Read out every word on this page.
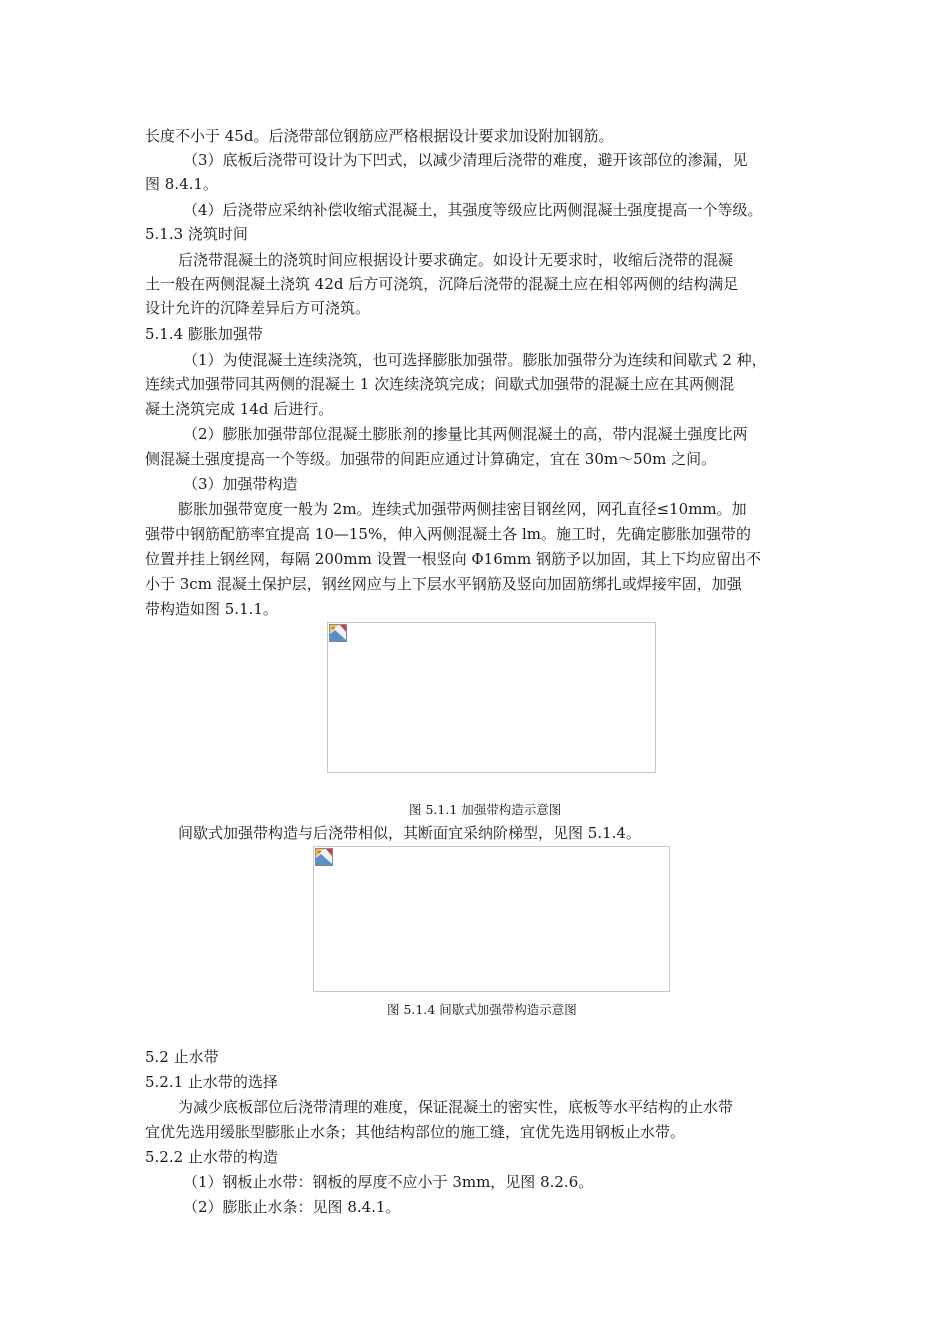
长度不小于 45d。后浇带部位钢筋应严格根据设计要求加设附加钢筋。
（3）底板后浇带可设计为下凹式，以减少清理后浇带的难度，避开该部位的渗漏，见
图 8.4.1。
（4）后浇带应采纳补偿收缩式混凝土，其强度等级应比两侧混凝土强度提高一个等级。
5.1.3 浇筑时间
后浇带混凝土的浇筑时间应根据设计要求确定。如设计无要求时，收缩后浇带的混凝
土一般在两侧混凝土浇筑 42d 后方可浇筑，沉降后浇带的混凝土应在相邻两侧的结构满足
设计允许的沉降差异后方可浇筑。
5.1.4 膨胀加强带
（1）为使混凝土连续浇筑，也可选择膨胀加强带。膨胀加强带分为连续和间歇式 2 种，
连续式加强带同其两侧的混凝土 1 次连续浇筑完成；间歇式加强带的混凝土应在其两侧混
凝土浇筑完成 14d 后进行。
（2）膨胀加强带部位混凝土膨胀剂的掺量比其两侧混凝土的高，带内混凝土强度比两
侧混凝土强度提高一个等级。加强带的间距应通过计算确定，宜在 30m～50m 之间。
（3）加强带构造
膨胀加强带宽度一般为 2m。连续式加强带两侧挂密目钢丝网，网孔直径≤10mm。加
强带中钢筋配筋率宜提高 10—15%，伸入两侧混凝土各 lm。施工时，先确定膨胀加强带的
位置并挂上钢丝网，每隔 200mm 设置一根竖向 Φ16mm 钢筋予以加固，其上下均应留出不
小于 3cm 混凝土保护层，钢丝网应与上下层水平钢筋及竖向加固筋绑扎或焊接牢固，加强
带构造如图 5.1.1。
图 5.1.1 加强带构造示意图
间歇式加强带构造与后浇带相似，其断面宜采纳阶梯型，见图 5.1.4。
图 5.1.4 间歇式加强带构造示意图
5.2 止水带
5.2.1 止水带的选择
为减少底板部位后浇带清理的难度，保证混凝土的密实性，底板等水平结构的止水带
宜优先选用缓胀型膨胀止水条；其他结构部位的施工缝，宜优先选用钢板止水带。
5.2.2 止水带的构造
（1）钢板止水带：钢板的厚度不应小于 3mm，见图 8.2.6。
（2）膨胀止水条：见图 8.4.1。
